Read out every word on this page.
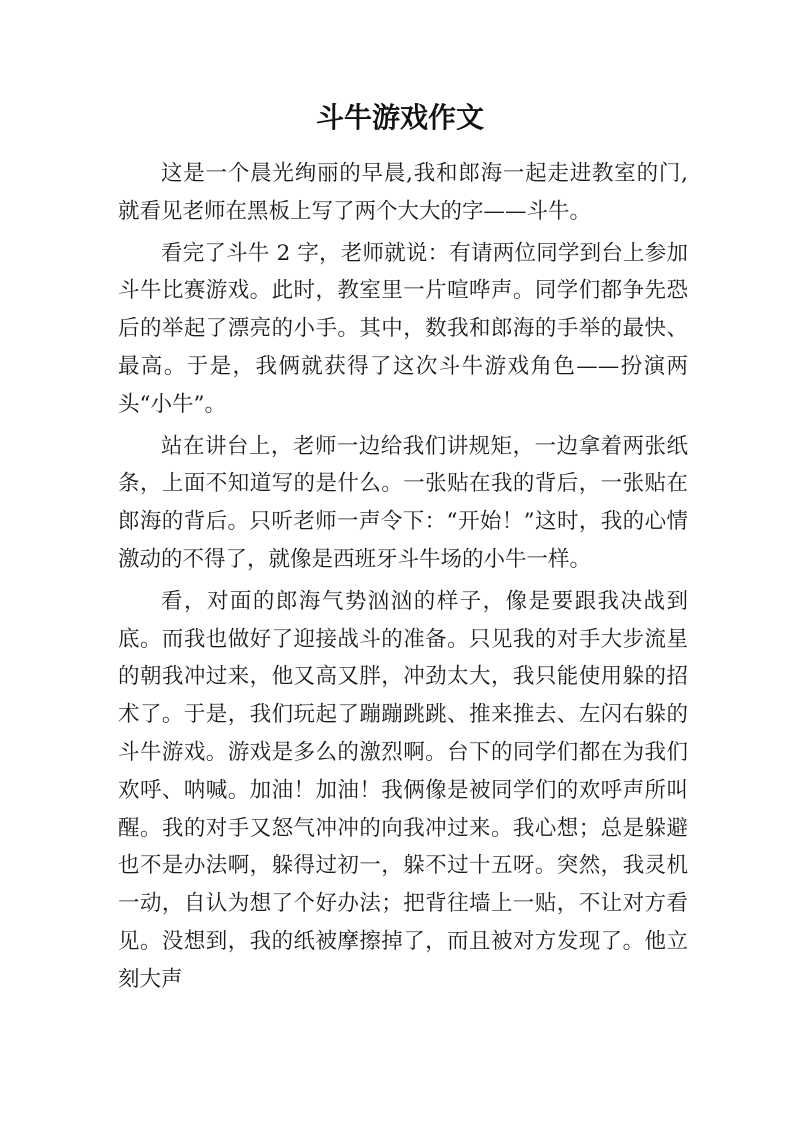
斗牛游戏作文

这是一个晨光绚丽的早晨,我和郎海一起走进教室的门,就看见老师在黑板上写了两个大大的字——斗牛。

看完了斗牛 2 字，老师就说：有请两位同学到台上参加斗牛比赛游戏。此时，教室里一片喧哗声。同学们都争先恐后的举起了漂亮的小手。其中，数我和郎海的手举的最快、最高。于是，我俩就获得了这次斗牛游戏角色——扮演两头“小牛”。

站在讲台上，老师一边给我们讲规矩，一边拿着两张纸条，上面不知道写的是什么。一张贴在我的背后，一张贴在郎海的背后。只听老师一声令下：“开始！”这时，我的心情激动的不得了，就像是西班牙斗牛场的小牛一样。

看，对面的郎海气势汹汹的样子，像是要跟我决战到底。而我也做好了迎接战斗的准备。只见我的对手大步流星的朝我冲过来，他又高又胖，冲劲太大，我只能使用躲的招术了。于是，我们玩起了蹦蹦跳跳、推来推去、左闪右躲的斗牛游戏。游戏是多么的激烈啊。台下的同学们都在为我们欢呼、呐喊。加油！加油！我俩像是被同学们的欢呼声所叫醒。我的对手又怒气冲冲的向我冲过来。我心想；总是躲避也不是办法啊，躲得过初一，躲不过十五呀。突然，我灵机一动，自认为想了个好办法；把背往墙上一贴，不让对方看见。没想到，我的纸被摩擦掉了，而且被对方发现了。他立刻大声
